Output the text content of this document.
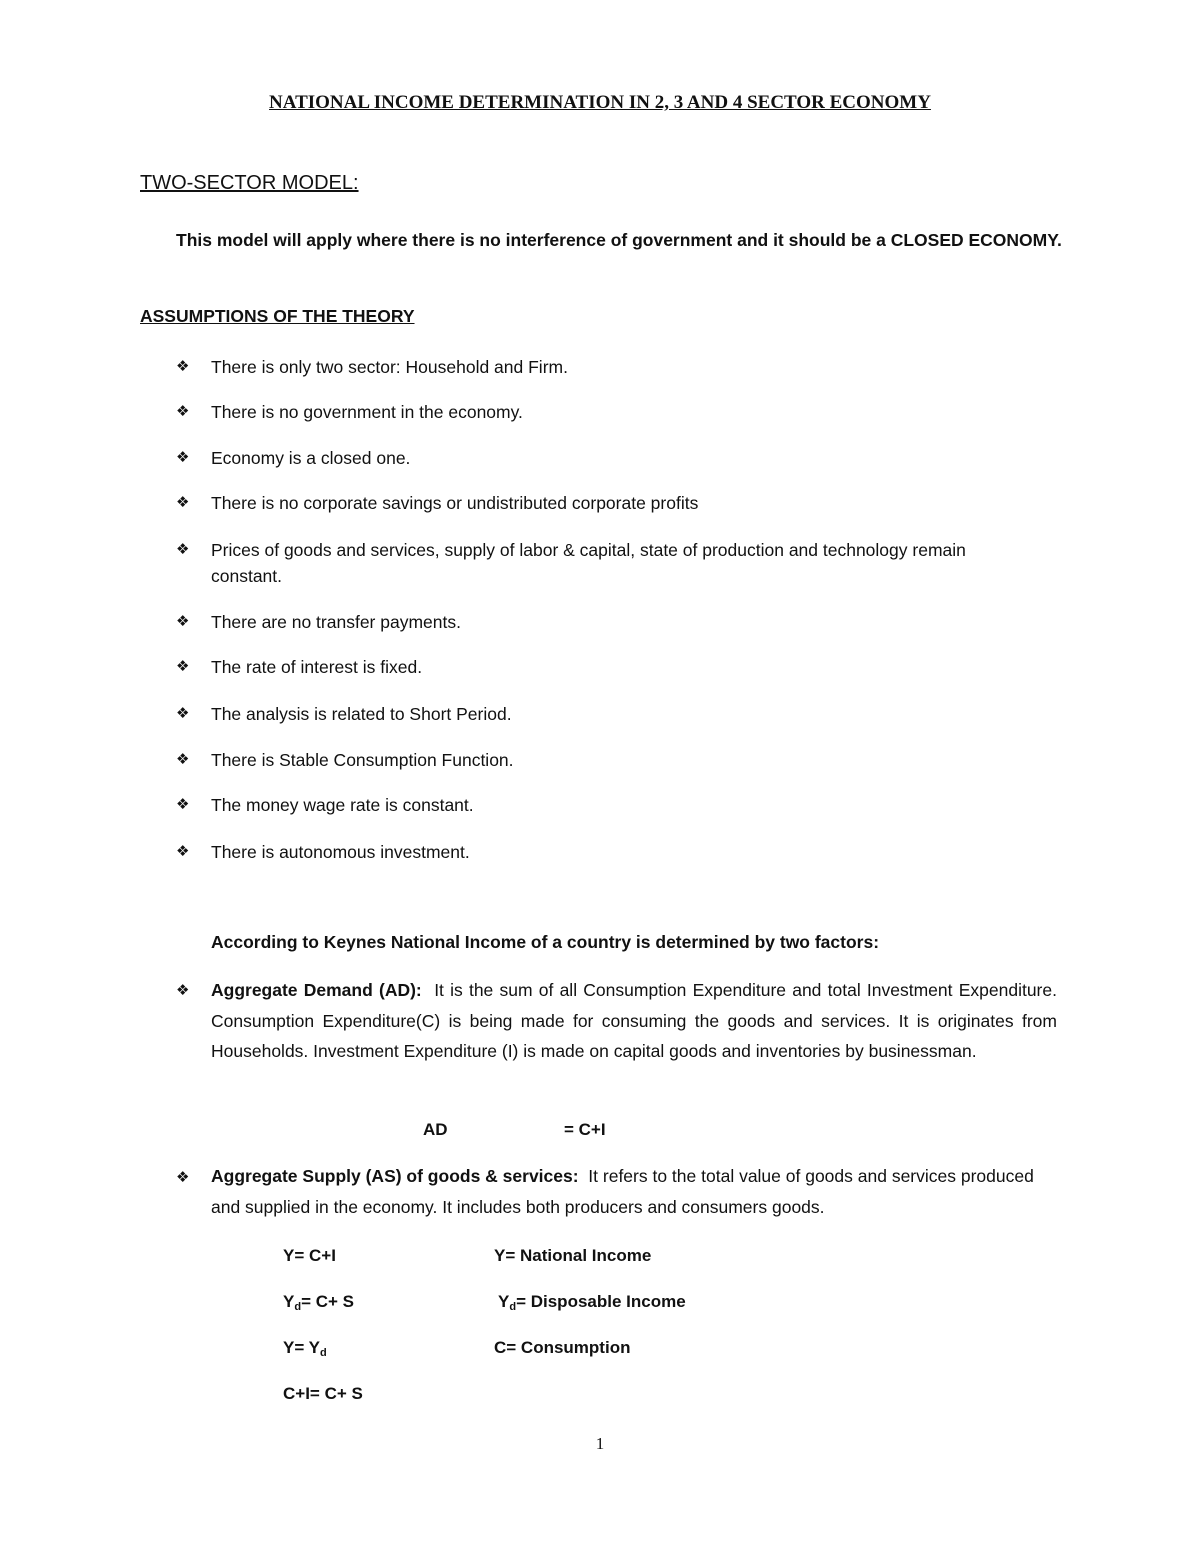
NATIONAL INCOME DETERMINATION IN 2, 3 AND 4 SECTOR ECONOMY
TWO-SECTOR MODEL:
This model will apply where there is no interference of government and it should be a CLOSED ECONOMY.
ASSUMPTIONS OF THE THEORY
❖ There is only two sector: Household and Firm.
❖ There is no government in the economy.
❖ Economy is a closed one.
❖ There is no corporate savings or undistributed corporate profits
❖ Prices of goods and services, supply of labor & capital, state of production and technology remain constant.
❖ There are no transfer payments.
❖ The rate of interest is fixed.
❖ The analysis is related to Short Period.
❖ There is Stable Consumption Function.
❖ The money wage rate is constant.
❖ There is autonomous investment.
According to Keynes National Income of a country is determined by two factors:
❖ Aggregate Demand (AD): It is the sum of all Consumption Expenditure and total Investment Expenditure. Consumption Expenditure(C) is being made for consuming the goods and services. It is originates from Households. Investment Expenditure (I) is made on capital goods and inventories by businessman.
AD	= C+I
❖ Aggregate Supply (AS) of goods & services: It refers to the total value of goods and services produced and supplied in the economy. It includes both producers and consumers goods.
Y= C+I
$Y_d= C+ S$
$Y= Y_d$
C+I= C+ S
Y= National Income
$Y_d=$ Disposable Income
C= Consumption
1
